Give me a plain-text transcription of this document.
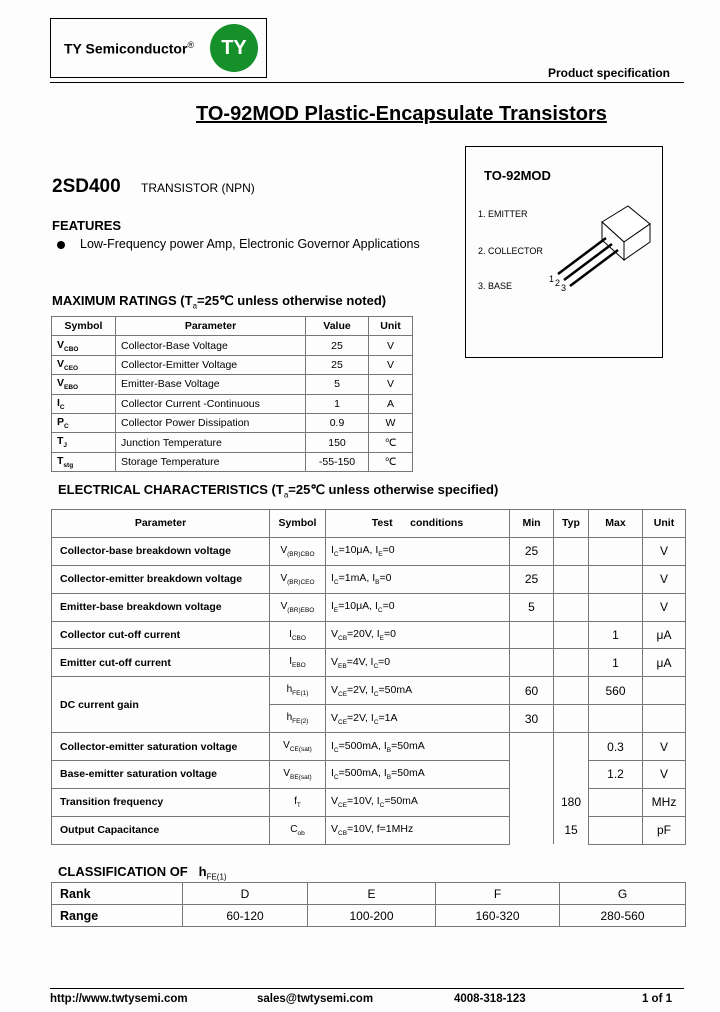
TY Semiconductor® TY
Product specification
TO-92MOD Plastic-Encapsulate Transistors
TO-92MOD
1. EMITTER
2. COLLECTOR
3. BASE
1 2 3
2SD400 TRANSISTOR (NPN)
FEATURES
Low-Frequency power Amp, Electronic Governor Applications
MAXIMUM RATINGS ($T_a=25℃$ unless otherwise noted)
Symbol	Parameter	Value	Unit
$V_{CBO}$	Collector-Base Voltage	25	V
$V_{CEO}$	Collector-Emitter Voltage	25	V
$V_{EBO}$	Emitter-Base Voltage	5	V
$I_C$	Collector Current -Continuous	1	A
$P_C$	Collector Power Dissipation	0.9	W
$T_J$	Junction Temperature	150	℃
$T_{stg}$	Storage Temperature	-55-150	℃
ELECTRICAL CHARACTERISTICS ($T_a=25℃$ unless otherwise specified)
Parameter	Symbol	Test      conditions	Min	Typ	Max	Unit
Collector-base breakdown voltage	$V_{(BR)CBO}$	$I_C=10\mu A$, $I_E=0$	25			V
Collector-emitter breakdown voltage	$V_{(BR)CEO}$	$I_C=1mA$, $I_B=0$	25			V
Emitter-base breakdown voltage	$V_{(BR)EBO}$	$I_E=10\mu A$, $I_C=0$	5			V
Collector cut-off current	$I_{CBO}$	$V_{CB}=20V$, $I_E=0$			1	μA
Emitter cut-off current	$I_{EBO}$	$V_{EB}=4V$, $I_C=0$			1	μA
DC current gain	$h_{FE(1)}$	$V_{CE}=2V$, $I_C=50mA$	60		560	
	$h_{FE(2)}$	$V_{CE}=2V$, $I_C=1A$	30			
Collector-emitter saturation voltage	$V_{CE(sat)}$	$I_C=500mA$, $I_B=50mA$			0.3	V
Base-emitter saturation voltage	$V_{BE(sat)}$	$I_C=500mA$, $I_B=50mA$			1.2	V
Transition frequency	$f_T$	$V_{CE}=10V$, $I_C=50mA$		180		MHz
Output Capacitance	$C_{ob}$	$V_{CB}=10V$, f=1MHz		15		pF
CLASSIFICATION OF $h_{FE(1)}$
Rank	D	E	F	G
Range	60-120	100-200	160-320	280-560
http://www.twtysemi.com	sales@twtysemi.com	4008-318-123	1 of 1
